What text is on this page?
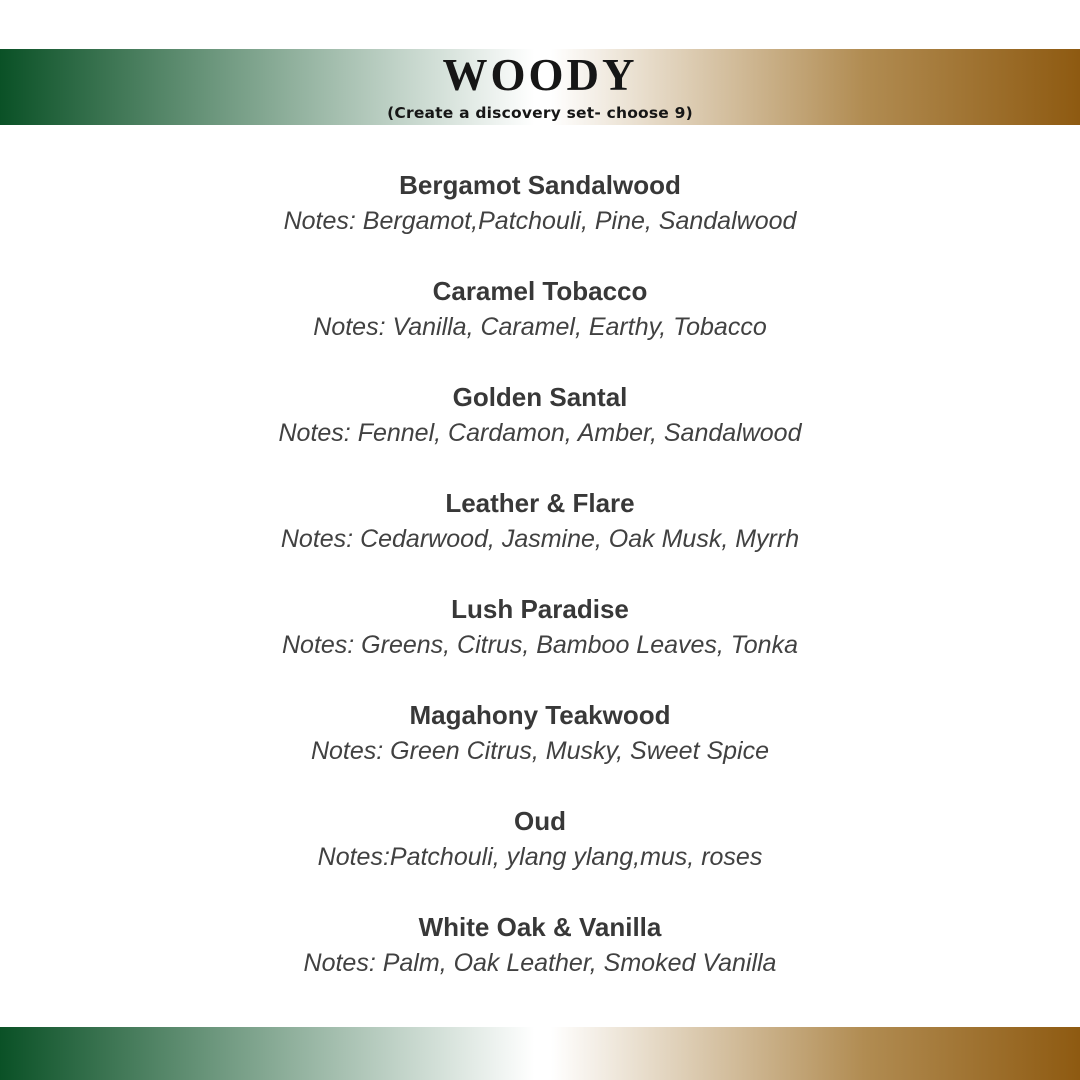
WOODY
(Create a discovery set- choose 9)
Bergamot Sandalwood
Notes: Bergamot,Patchouli, Pine, Sandalwood
Caramel Tobacco
Notes: Vanilla, Caramel, Earthy, Tobacco
Golden Santal
Notes: Fennel, Cardamon, Amber, Sandalwood
Leather & Flare
Notes: Cedarwood, Jasmine, Oak Musk, Myrrh
Lush Paradise
Notes: Greens, Citrus, Bamboo Leaves, Tonka
Magahony Teakwood
Notes: Green Citrus, Musky, Sweet Spice
Oud
Notes:Patchouli, ylang ylang,mus, roses
White Oak & Vanilla
Notes: Palm, Oak Leather, Smoked Vanilla
